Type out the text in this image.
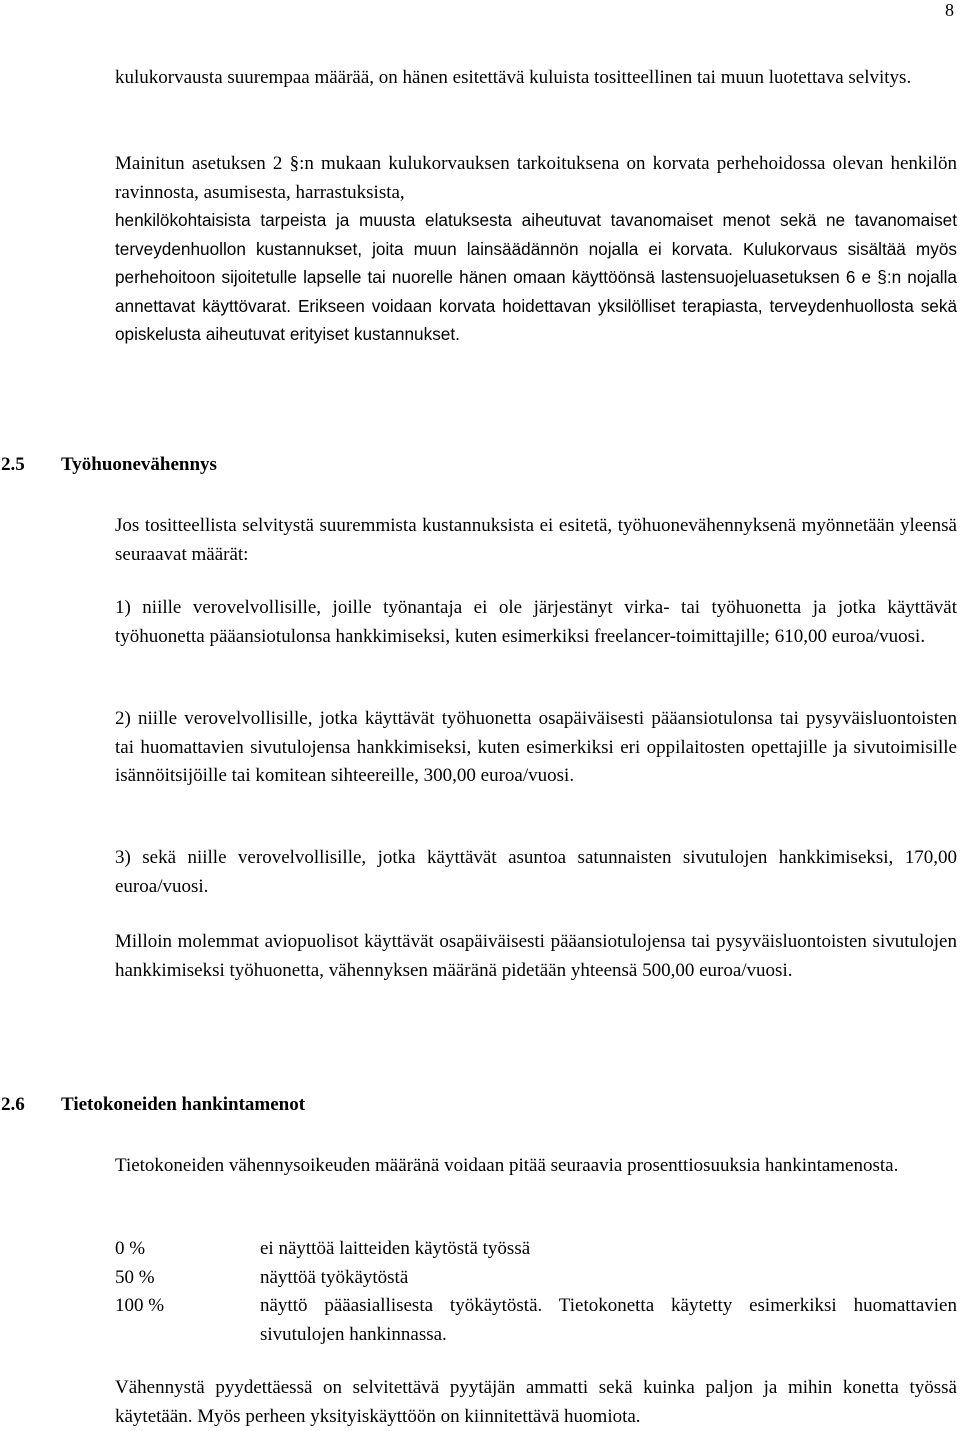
8

kulukorvausta suurempaa määrää, on hänen esitettävä kuluista tositteellinen tai muun luotettava selvitys.

Mainitun asetuksen 2 §:n mukaan kulukorvauksen tarkoituksena on korvata perhehoidossa olevan henkilön ravinnosta, asumisesta, harrastuksista,

henkilökohtaisista tarpeista ja muusta elatuksesta aiheutuvat tavanomaiset menot sekä ne tavanomaiset terveydenhuollon kustannukset, joita muun lainsäädännön nojalla ei korvata. Kulukorvaus sisältää myös perhehoitoon sijoitetulle lapselle tai nuorelle hänen omaan käyttöönsä lastensuojeluasetuksen 6 e §:n nojalla annettavat käyttövarat. Erikseen voidaan korvata hoidettavan yksilölliset terapiasta, terveydenhuollosta sekä opiskelusta aiheutuvat erityiset kustannukset.

2.5 Työhuonevähennys

Jos tositteellista selvitystä suuremmista kustannuksista ei esitetä, työhuonevähennyksenä myönnetään yleensä seuraavat määrät:

1) niille verovelvollisille, joille työnantaja ei ole järjestänyt virka- tai työhuonetta ja jotka käyttävät työhuonetta pääansiotulonsa hankkimiseksi, kuten esimerkiksi freelancer-toimittajille; 610,00 euroa/vuosi.

2) niille verovelvollisille, jotka käyttävät työhuonetta osapäiväisesti pääansiotulonsa tai pysyväisluontoisten tai huomattavien sivutulojensa hankkimiseksi, kuten esimerkiksi eri oppilaitosten opettajille ja sivutoimisille isännöitsijöille tai komitean sihteereille, 300,00 euroa/vuosi.

3) sekä niille verovelvollisille, jotka käyttävät asuntoa satunnaisten sivutulojen hankkimiseksi, 170,00 euroa/vuosi.

Milloin molemmat aviopuolisot käyttävät osapäiväisesti pääansiotulojensa tai pysyväisluontoisten sivutulojen hankkimiseksi työhuonetta, vähennyksen määränä pidetään yhteensä 500,00 euroa/vuosi.

2.6 Tietokoneiden hankintamenot

Tietokoneiden vähennysoikeuden määränä voidaan pitää seuraavia prosenttiosuuksia hankintamenosta.

0 %	ei näyttöä laitteiden käytöstä työssä
50 %	näyttöä työkäytöstä
100 %	näyttö pääasiallisesta työkäytöstä. Tietokonetta käytetty esimerkiksi huomattavien sivutulojen hankinnassa.

Vähennystä pyydettäessä on selvitettävä pyytäjän ammatti sekä kuinka paljon ja mihin konetta työssä käytetään. Myös perheen yksityiskäyttöön on kiinnitettävä huomiota.
